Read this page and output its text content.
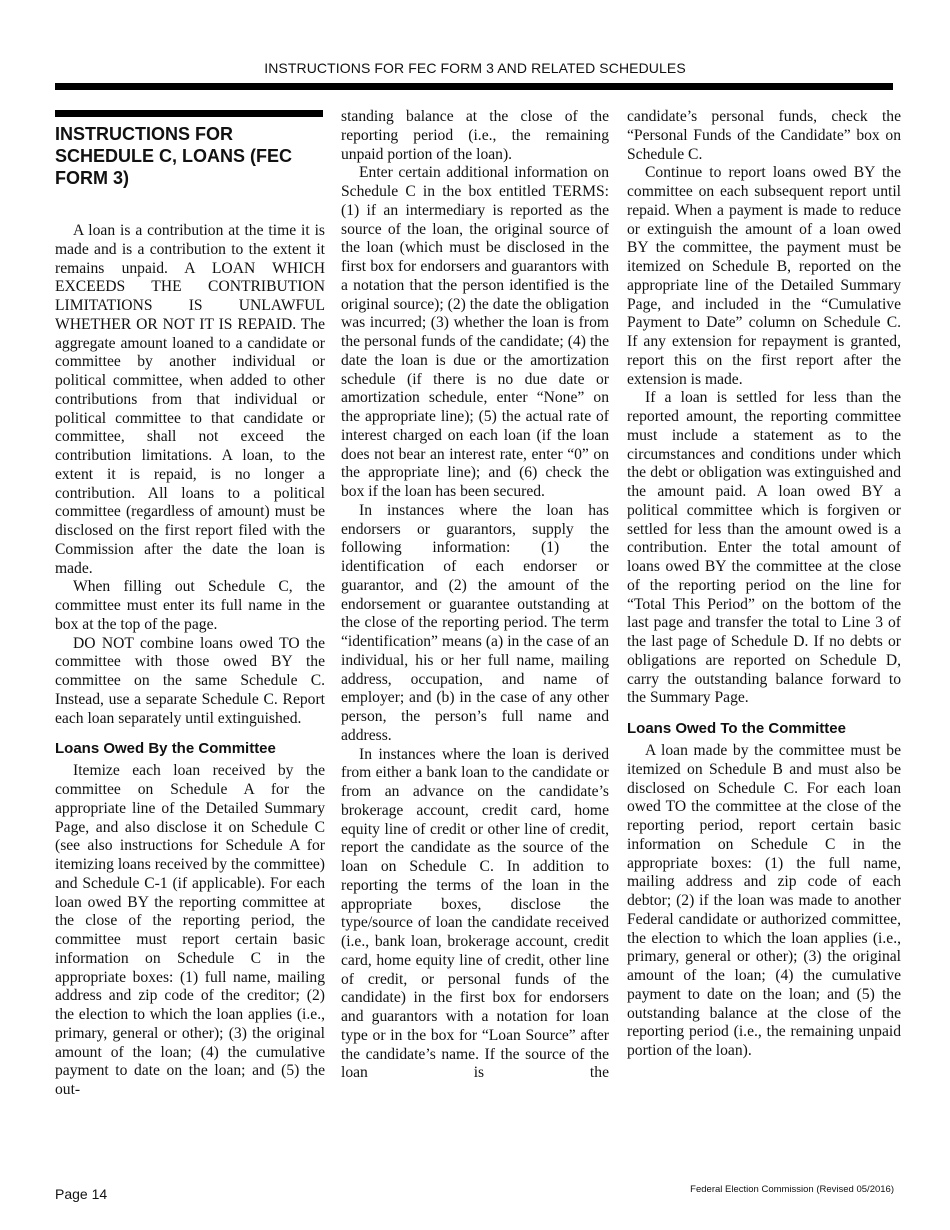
INSTRUCTIONS FOR FEC FORM 3 AND RELATED SCHEDULES
INSTRUCTIONS FOR SCHEDULE C, LOANS (FEC FORM 3)

A loan is a contribution at the time it is made and is a contribution to the extent it remains unpaid. A LOAN WHICH EXCEEDS THE CONTRIBUTION LIMITATIONS IS UNLAWFUL WHETHER OR NOT IT IS REPAID. The aggregate amount loaned to a candidate or committee by another individual or political committee, when added to other contributions from that individual or political committee to that candidate or committee, shall not exceed the contribution limitations. A loan, to the extent it is repaid, is no longer a contribution. All loans to a political committee (regardless of amount) must be disclosed on the first report filed with the Commission after the date the loan is made.

When filling out Schedule C, the committee must enter its full name in the box at the top of the page.

DO NOT combine loans owed TO the committee with those owed BY the committee on the same Schedule C. Instead, use a separate Schedule C. Report each loan separately until extinguished.

Loans Owed By the Committee

Itemize each loan received by the committee on Schedule A for the appropriate line of the Detailed Summary Page, and also disclose it on Schedule C (see also instructions for Schedule A for itemizing loans received by the committee) and Schedule C-1 (if applicable). For each loan owed BY the reporting committee at the close of the reporting period, the committee must report certain basic information on Schedule C in the appropriate boxes: (1) full name, mailing address and zip code of the creditor; (2) the election to which the loan applies (i.e., primary, general or other); (3) the original amount of the loan; (4) the cumulative payment to date on the loan; and (5) the out-

standing balance at the close of the reporting period (i.e., the remaining unpaid portion of the loan).

Enter certain additional information on Schedule C in the box entitled TERMS: (1) if an intermediary is reported as the source of the loan, the original source of the loan (which must be disclosed in the first box for endorsers and guarantors with a notation that the person identified is the original source); (2) the date the obligation was incurred; (3) whether the loan is from the personal funds of the candidate; (4) the date the loan is due or the amortization schedule (if there is no due date or amortization schedule, enter “None” on the appropriate line); (5) the actual rate of interest charged on each loan (if the loan does not bear an interest rate, enter “0” on the appropriate line); and (6) check the box if the loan has been secured.

In instances where the loan has endorsers or guarantors, supply the following information: (1) the identification of each endorser or guarantor, and (2) the amount of the endorsement or guarantee outstanding at the close of the reporting period. The term “identification” means (a) in the case of an individual, his or her full name, mailing address, occupation, and name of employer; and (b) in the case of any other person, the person’s full name and address.

In instances where the loan is derived from either a bank loan to the candidate or from an advance on the candidate’s brokerage account, credit card, home equity line of credit or other line of credit, report the candidate as the source of the loan on Schedule C. In addition to reporting the terms of the loan in the appropriate boxes, disclose the type/source of loan the candidate received (i.e., bank loan, brokerage account, credit card, home equity line of credit, other line of credit, or personal funds of the candidate) in the first box for endorsers and guarantors with a notation for loan type or in the box for “Loan Source” after the candidate’s name. If the source of the loan is the

candidate’s personal funds, check the “Personal Funds of the Candidate” box on Schedule C.

Continue to report loans owed BY the committee on each subsequent report until repaid. When a payment is made to reduce or extinguish the amount of a loan owed BY the committee, the payment must be itemized on Schedule B, reported on the appropriate line of the Detailed Summary Page, and included in the “Cumulative Payment to Date” column on Schedule C. If any extension for repayment is granted, report this on the first report after the extension is made.

If a loan is settled for less than the reported amount, the reporting committee must include a statement as to the circumstances and conditions under which the debt or obligation was extinguished and the amount paid. A loan owed BY a political committee which is forgiven or settled for less than the amount owed is a contribution. Enter the total amount of loans owed BY the committee at the close of the reporting period on the line for “Total This Period” on the bottom of the last page and transfer the total to Line 3 of the last page of Schedule D. If no debts or obligations are reported on Schedule D, carry the outstanding balance forward to the Summary Page.

Loans Owed To the Committee

A loan made by the committee must be itemized on Schedule B and must also be disclosed on Schedule C. For each loan owed TO the committee at the close of the reporting period, report certain basic information on Schedule C in the appropriate boxes: (1) the full name, mailing address and zip code of each debtor; (2) if the loan was made to another Federal candidate or authorized committee, the election to which the loan applies (i.e., primary, general or other); (3) the original amount of the loan; (4) the cumulative payment to date on the loan; and (5) the outstanding balance at the close of the reporting period (i.e., the remaining unpaid portion of the loan).

Page 14	Federal Election Commission (Revised 05/2016)
